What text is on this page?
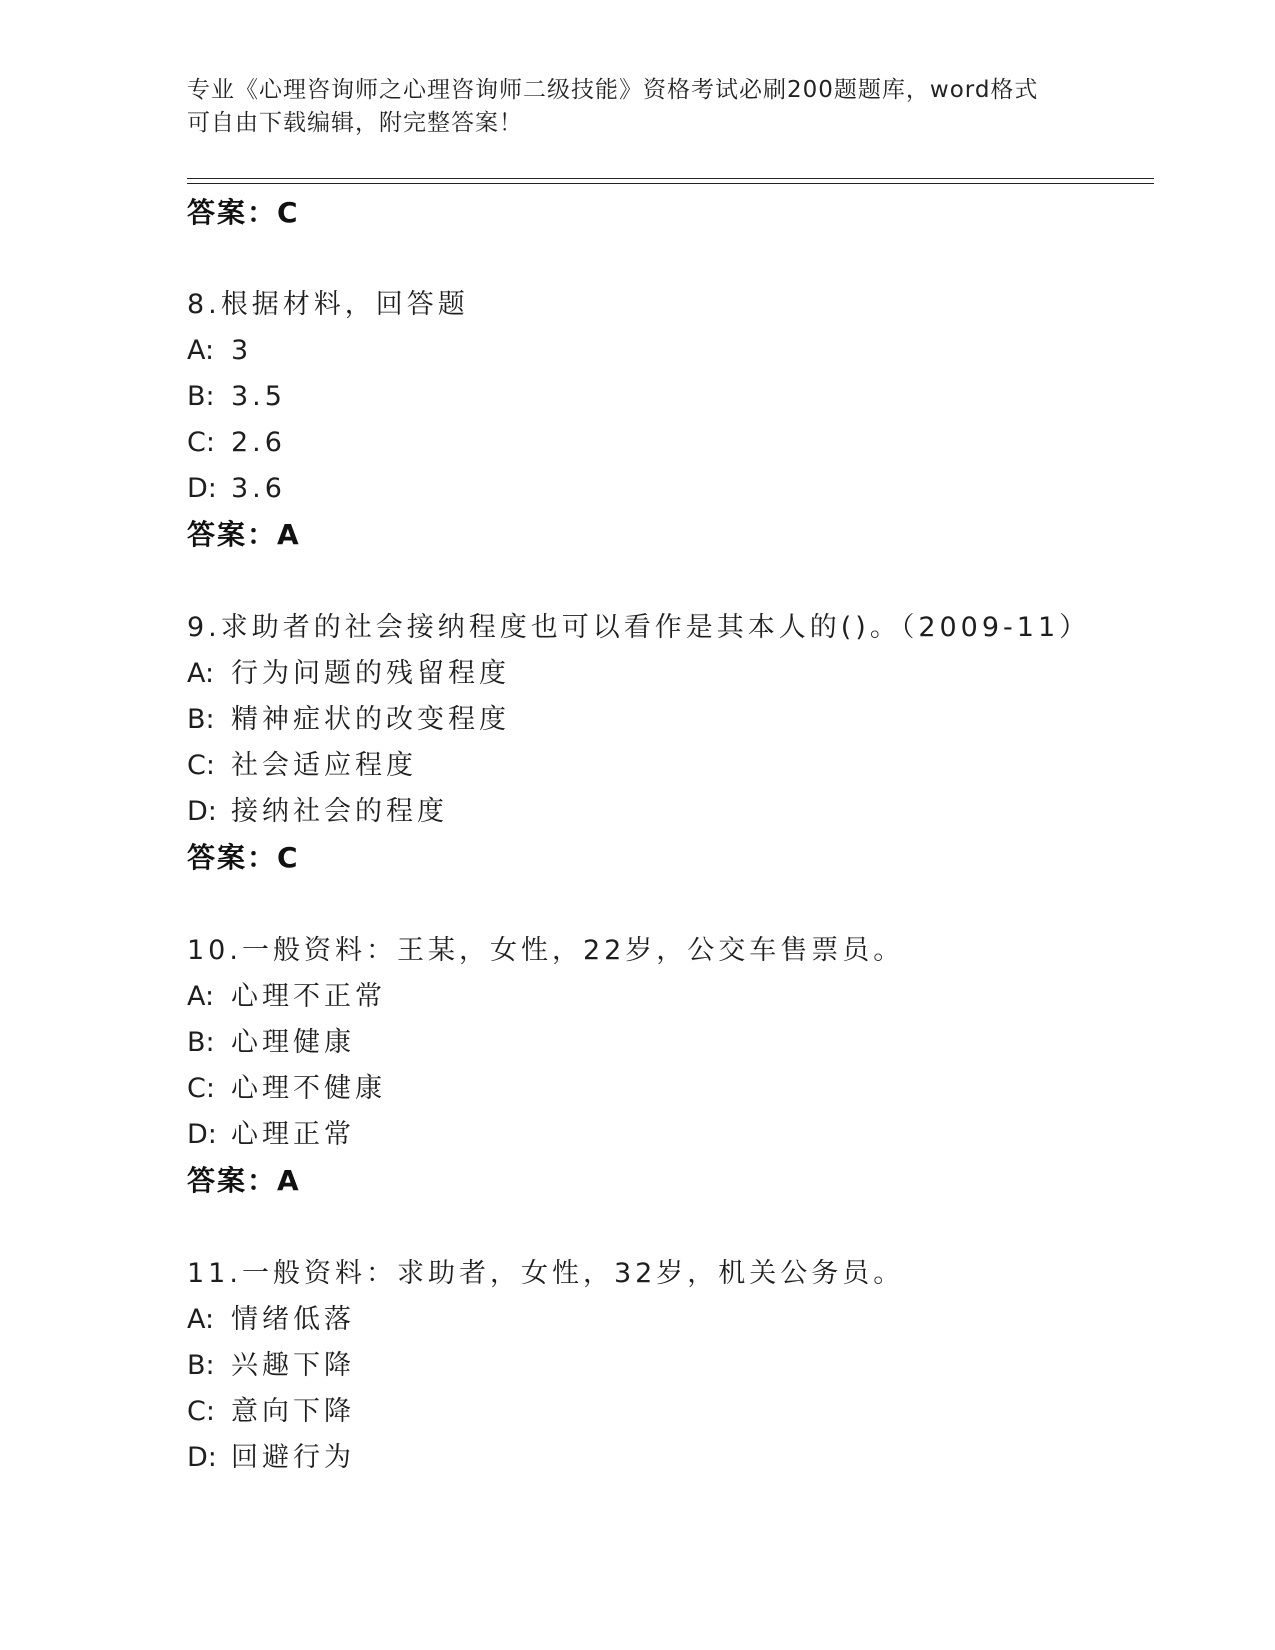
专业《心理咨询师之心理咨询师二级技能》资格考试必刷200题题库，word格式
可自由下载编辑，附完整答案！
答案：C
8.根据材料，回答题
A: 3
B: 3.5
C: 2.6
D: 3.6
答案：A
9.求助者的社会接纳程度也可以看作是其本人的()。（2009-11）
A: 行为问题的残留程度
B: 精神症状的改变程度
C: 社会适应程度
D: 接纳社会的程度
答案：C
10.一般资料：王某，女性，22岁，公交车售票员。
A: 心理不正常
B: 心理健康
C: 心理不健康
D: 心理正常
答案：A
11.一般资料：求助者，女性，32岁，机关公务员。
A: 情绪低落
B: 兴趣下降
C: 意向下降
D: 回避行为
